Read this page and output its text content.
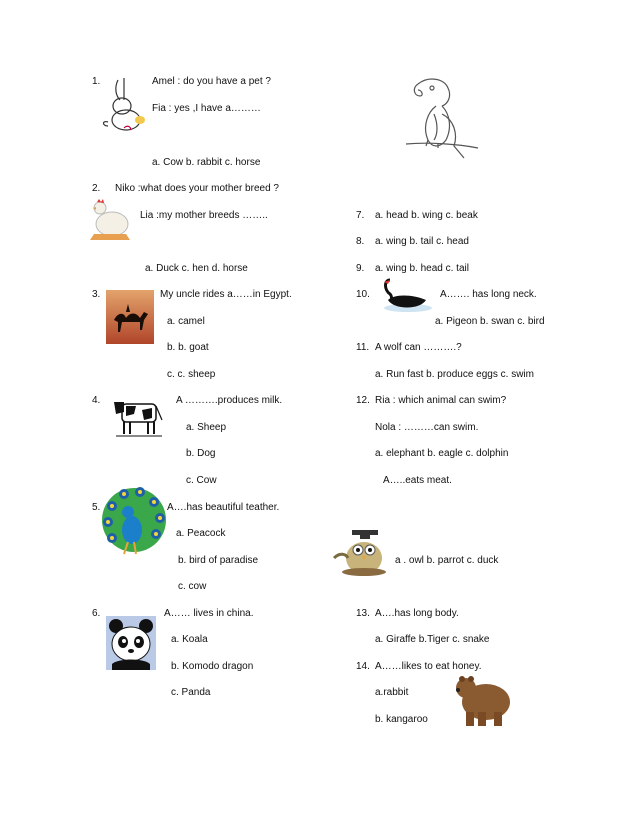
1.	Amel : do you have a pet ?
Fia : yes ,I have a………
a. Cow b. rabbit c. horse
2. Niko :what does your mother breed ?
Lia :my mother breeds ……..
a. Duck c. hen d. horse
3.	My uncle rides a……in Egypt.
a. camel
b. b. goat
c. c. sheep
4.	A ……….produces milk.
a. Sheep
b. Dog
c. Cow
5.	A….has beautiful teather.
a. Peacock
b. bird of paradise
c. cow
6.	A…… lives in china.
a. Koala
b. Komodo dragon
c. Panda
7. a. head b. wing c. beak
8. a. wing b. tail c. head
9. a. wing b. head c. tail
10.	A……. has long neck.
a. Pigeon b. swan c. bird
11. A wolf can ……….?
a. Run fast b. produce eggs c. swim
12. Ria : which animal can swim?
Nola : ………can swim.
a. elephant b. eagle c. dolphin
A…..eats meat.
a . owl b. parrot c. duck
13. A….has long body.
a. Giraffe b.Tiger c. snake
14. A……likes to eat honey.
a.rabbit
b. kangaroo
